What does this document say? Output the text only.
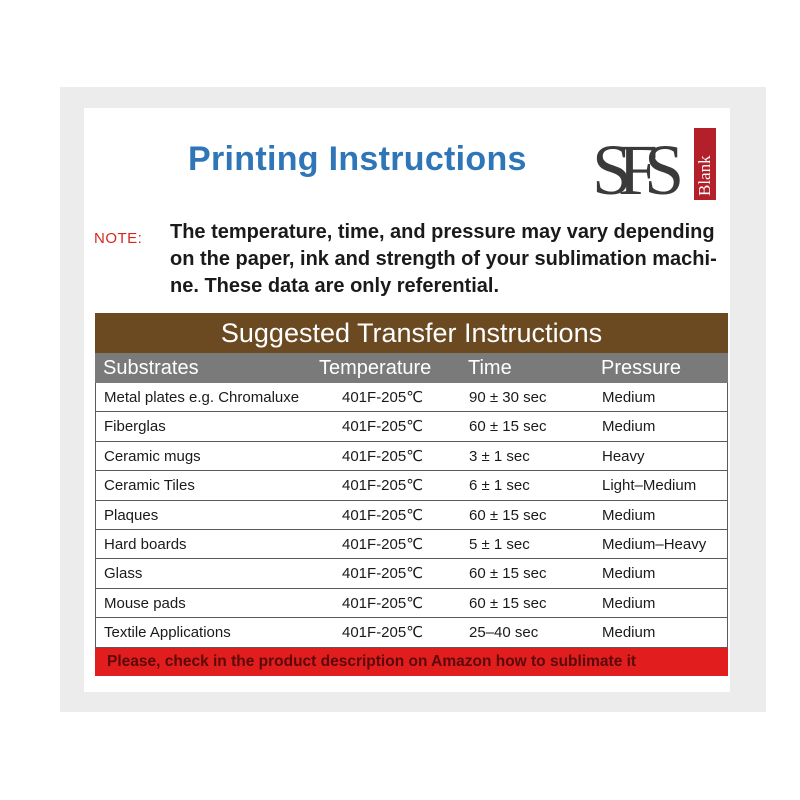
Printing Instructions SFS	Blank
NOTE: The temperature, time, and pressure may vary depending on the paper, ink and strength of your sublimation machine. These data are only referential.
Suggested Transfer Instructions
Substrates	Temperature Time	Pressure
Metal plates e.g. Chromaluxe	401F-205℃	90 ± 30 sec	Medium
Fiberglas	401F-205℃	60 ± 15 sec	Medium
Ceramic mugs	401F-205℃	3 ± 1 sec	Heavy
Ceramic Tiles	401F-205℃	6 ± 1 sec	Light–Medium
Plaques	401F-205℃	60 ± 15 sec	Medium
Hard boards	401F-205℃	5 ± 1 sec	Medium–Heavy
Glass	401F-205℃	60 ± 15 sec	Medium
Mouse pads	401F-205℃	60 ± 15 sec	Medium
Textile Applications	401F-205℃	25–40 sec	Medium
Please, check in the product description on Amazon how to sublimate it
